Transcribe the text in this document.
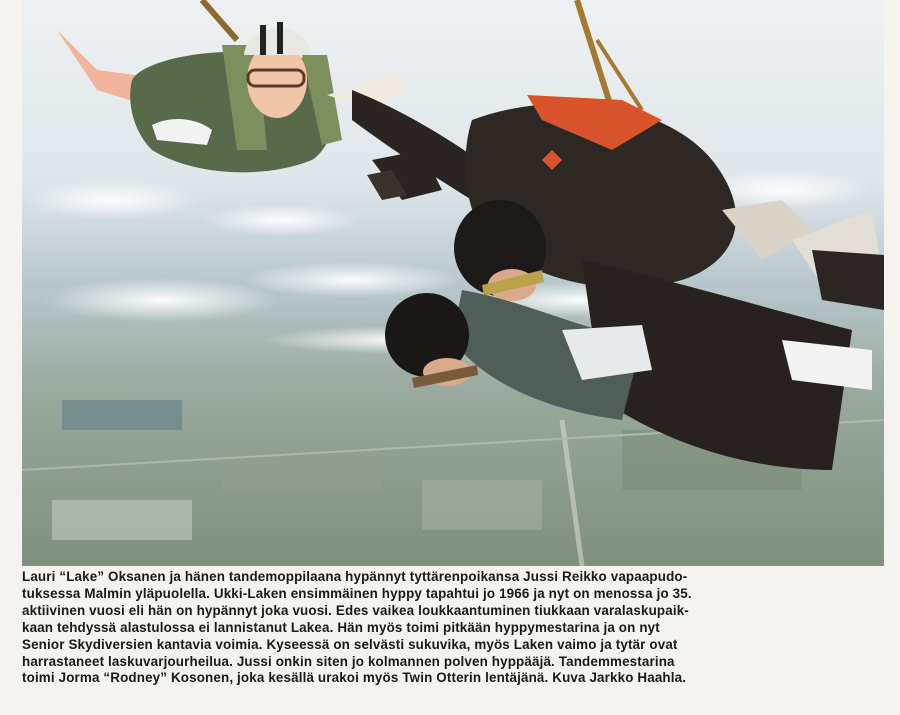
Lauri “Lake” Oksanen ja hänen tandemoppilaana hypännyt tyttärenpoikansa Jussi Reikko vapaapudo-
tuksessa Malmin yläpuolella. Ukki-Laken ensimmäinen hyppy tapahtui jo 1966 ja nyt on menossa jo 35.
aktiivinen vuosi eli hän on hypännyt joka vuosi. Edes vaikea loukkaantuminen tiukkaan varalaskupaik-
kaan tehdyssä alastulossa ei lannistanut Lakea. Hän myös toimi pitkään hyppymestarina ja on nyt
Senior Skydiversien kantavia voimia. Kyseessä on selvästi sukuvika, myös Laken vaimo ja tytär ovat
harrastaneet laskuvarjourheilua. Jussi onkin siten jo kolmannen polven hyppääjä. Tandemmestarina
toimi Jorma “Rodney” Kosonen, joka kesällä urakoi myös Twin Otterin lentäjänä. Kuva Jarkko Haahla.
